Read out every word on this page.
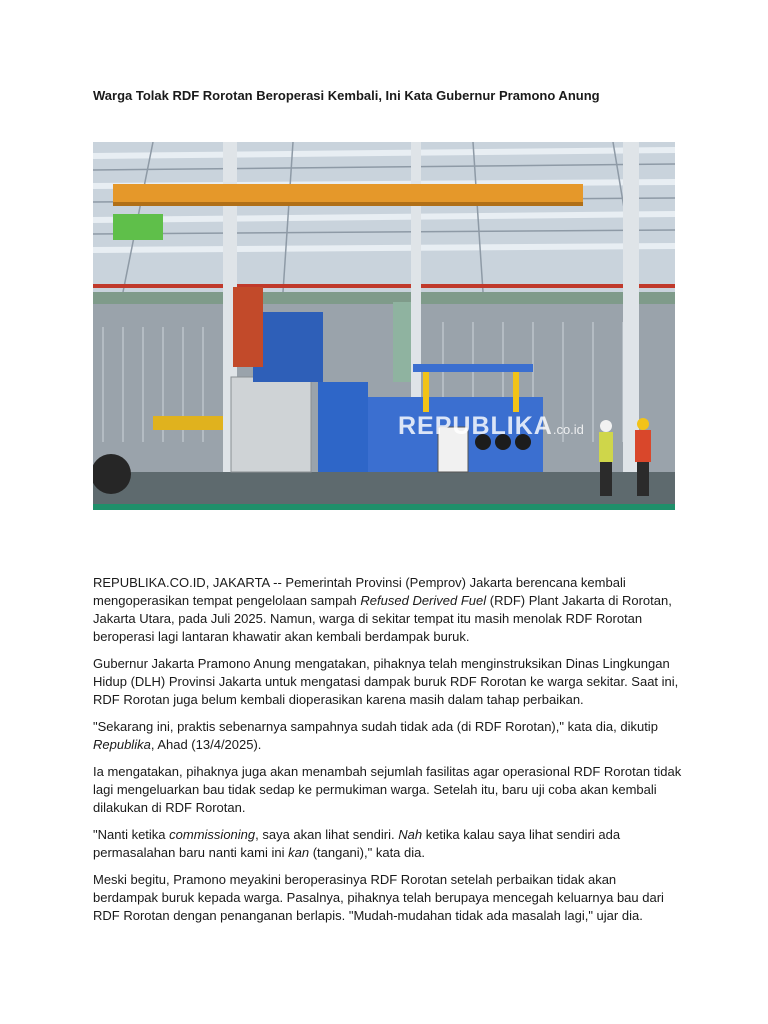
Warga Tolak RDF Rorotan Beroperasi Kembali, Ini Kata Gubernur Pramono Anung
REPUBLIKA.co.id

REPUBLIKA.CO.ID, JAKARTA -- Pemerintah Provinsi (Pemprov) Jakarta berencana kembali mengoperasikan tempat pengelolaan sampah Refused Derived Fuel (RDF) Plant Jakarta di Rorotan, Jakarta Utara, pada Juli 2025. Namun, warga di sekitar tempat itu masih menolak RDF Rorotan beroperasi lagi lantaran khawatir akan kembali berdampak buruk.

Gubernur Jakarta Pramono Anung mengatakan, pihaknya telah menginstruksikan Dinas Lingkungan Hidup (DLH) Provinsi Jakarta untuk mengatasi dampak buruk RDF Rorotan ke warga sekitar. Saat ini, RDF Rorotan juga belum kembali dioperasikan karena masih dalam tahap perbaikan.

"Sekarang ini, praktis sebenarnya sampahnya sudah tidak ada (di RDF Rorotan)," kata dia, dikutip Republika, Ahad (13/4/2025).

Ia mengatakan, pihaknya juga akan menambah sejumlah fasilitas agar operasional RDF Rorotan tidak lagi mengeluarkan bau tidak sedap ke permukiman warga. Setelah itu, baru uji coba akan kembali dilakukan di RDF Rorotan.

"Nanti ketika commissioning, saya akan lihat sendiri. Nah ketika kalau saya lihat sendiri ada permasalahan baru nanti kami ini kan (tangani)," kata dia.

Meski begitu, Pramono meyakini beroperasinya RDF Rorotan setelah perbaikan tidak akan berdampak buruk kepada warga. Pasalnya, pihaknya telah berupaya mencegah keluarnya bau dari RDF Rorotan dengan penanganan berlapis. "Mudah-mudahan tidak ada masalah lagi," ujar dia.
